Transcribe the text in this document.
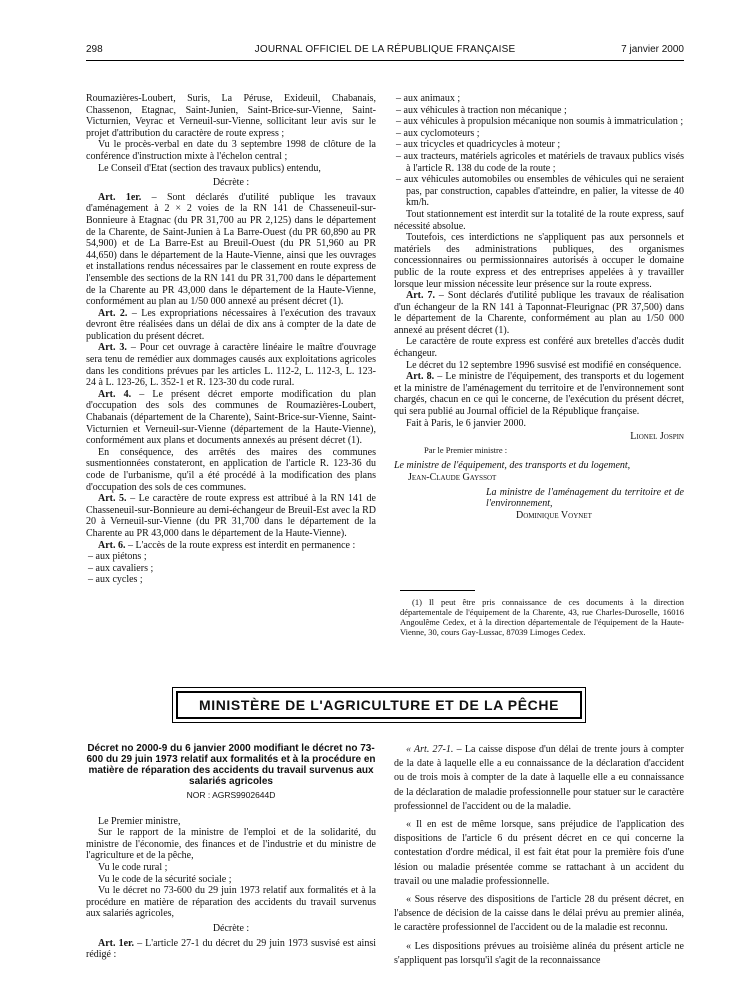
298	JOURNAL OFFICIEL DE LA RÉPUBLIQUE FRANÇAISE	7 janvier 2000

Roumazières-Loubert, Suris, La Péruse, Exideuil, Chabanais, Chassenon, Etagnac, Saint-Junien, Saint-Brice-sur-Vienne, Saint-Victurnien, Veyrac et Verneuil-sur-Vienne, sollicitant leur avis sur le projet d'attribution du caractère de route express ;

Vu le procès-verbal en date du 3 septembre 1998 de clôture de la conférence d'instruction mixte à l'échelon central ;

Le Conseil d'Etat (section des travaux publics) entendu,

Décrète :

Art. 1er. – Sont déclarés d'utilité publique les travaux d'aménagement à 2 × 2 voies de la RN 141 de Chasseneuil-sur-Bonnieure à Etagnac (du PR 31,700 au PR 2,125) dans le département de la Charente, de Saint-Junien à La Barre-Ouest (du PR 60,890 au PR 54,900) et de La Barre-Est au Breuil-Ouest (du PR 51,960 au PR 44,650) dans le département de la Haute-Vienne, ainsi que les ouvrages et installations rendus nécessaires par le classement en route express de l'ensemble des sections de la RN 141 du PR 31,700 dans le département de la Charente au PR 43,000 dans le département de la Haute-Vienne, conformément au plan au 1/50 000 annexé au présent décret (1).

Art. 2. – Les expropriations nécessaires à l'exécution des travaux devront être réalisées dans un délai de dix ans à compter de la date de publication du présent décret.

Art. 3. – Pour cet ouvrage à caractère linéaire le maître d'ouvrage sera tenu de remédier aux dommages causés aux exploitations agricoles dans les conditions prévues par les articles L. 112-2, L. 112-3, L. 123-24 à L. 123-26, L. 352-1 et R. 123-30 du code rural.

Art. 4. – Le présent décret emporte modification du plan d'occupation des sols des communes de Roumazières-Loubert, Chabanais (département de la Charente), Saint-Brice-sur-Vienne, Saint-Victurnien et Verneuil-sur-Vienne (département de la Haute-Vienne), conformément aux plans et documents annexés au présent décret (1).

En conséquence, des arrêtés des maires des communes susmentionnées constateront, en application de l'article R. 123-36 du code de l'urbanisme, qu'il a été procédé à la modification des plans d'occupation des sols de ces communes.

Art. 5. – Le caractère de route express est attribué à la RN 141 de Chasseneuil-sur-Bonnieure au demi-échangeur de Breuil-Est avec la RD 20 à Verneuil-sur-Vienne (du PR 31,700 dans le département de la Charente au PR 43,000 dans le département de la Haute-Vienne).

Art. 6. – L'accès de la route express est interdit en permanence :

– aux piétons ;

– aux cavaliers ;

– aux cycles ;

– aux animaux ;

– aux véhicules à traction non mécanique ;

– aux véhicules à propulsion mécanique non soumis à immatriculation ;

– aux cyclomoteurs ;

– aux tricycles et quadricycles à moteur ;

– aux tracteurs, matériels agricoles et matériels de travaux publics visés à l'article R. 138 du code de la route ;

– aux véhicules automobiles ou ensembles de véhicules qui ne seraient pas, par construction, capables d'atteindre, en palier, la vitesse de 40 km/h.

Tout stationnement est interdit sur la totalité de la route express, sauf nécessité absolue.

Toutefois, ces interdictions ne s'appliquent pas aux personnels et matériels des administrations publiques, des organismes concessionnaires ou permissionnaires autorisés à occuper le domaine public de la route express et des entreprises appelées à y travailler lorsque leur mission nécessite leur présence sur la route express.

Art. 7. – Sont déclarés d'utilité publique les travaux de réalisation d'un échangeur de la RN 141 à Taponnat-Fleurignac (PR 37,500) dans le département de la Charente, conformément au plan au 1/50 000 annexé au présent décret (1).

Le caractère de route express est conféré aux bretelles d'accès dudit échangeur.

Le décret du 12 septembre 1996 susvisé est modifié en conséquence.

Art. 8. – Le ministre de l'équipement, des transports et du logement et la ministre de l'aménagement du territoire et de l'environnement sont chargés, chacun en ce qui le concerne, de l'exécution du présent décret, qui sera publié au Journal officiel de la République française.

Fait à Paris, le 6 janvier 2000.

Lionel Jospin

Par le Premier ministre :

Le ministre de l'équipement, des transports et du logement,

Jean-Claude Gayssot

La ministre de l'aménagement du territoire et de l'environnement,

Dominique Voynet

(1) Il peut être pris connaissance de ces documents à la direction départementale de l'équipement de la Charente, 43, rue Charles-Duroselle, 16016 Angoulême Cedex, et à la direction départementale de l'équipement de la Haute-Vienne, 30, cours Gay-Lussac, 87039 Limoges Cedex.

MINISTÈRE DE L'AGRICULTURE ET DE LA PÊCHE

Décret no 2000-9 du 6 janvier 2000 modifiant le décret no 73-600 du 29 juin 1973 relatif aux formalités et à la procédure en matière de réparation des accidents du travail survenus aux salariés agricoles

NOR : AGRS9902644D

Le Premier ministre,

Sur le rapport de la ministre de l'emploi et de la solidarité, du ministre de l'économie, des finances et de l'industrie et du ministre de l'agriculture et de la pêche,

Vu le code rural ;

Vu le code de la sécurité sociale ;

Vu le décret no 73-600 du 29 juin 1973 relatif aux formalités et à la procédure en matière de réparation des accidents du travail survenus aux salariés agricoles,

Décrète :

Art. 1er. – L'article 27-1 du décret du 29 juin 1973 susvisé est ainsi rédigé :

« Art. 27-1. – La caisse dispose d'un délai de trente jours à compter de la date à laquelle elle a eu connaissance de la déclaration d'accident ou de trois mois à compter de la date à laquelle elle a eu connaissance de la déclaration de maladie professionnelle pour statuer sur le caractère professionnel de l'accident ou de la maladie.

« Il en est de même lorsque, sans préjudice de l'application des dispositions de l'article 6 du présent décret en ce qui concerne la contestation d'ordre médical, il est fait état pour la première fois d'une lésion ou maladie présentée comme se rattachant à un accident du travail ou une maladie professionnelle.

« Sous réserve des dispositions de l'article 28 du présent décret, en l'absence de décision de la caisse dans le délai prévu au premier alinéa, le caractère professionnel de l'accident ou de la maladie est reconnu.

« Les dispositions prévues au troisième alinéa du présent article ne s'appliquent pas lorsqu'il s'agit de la reconnaissance
